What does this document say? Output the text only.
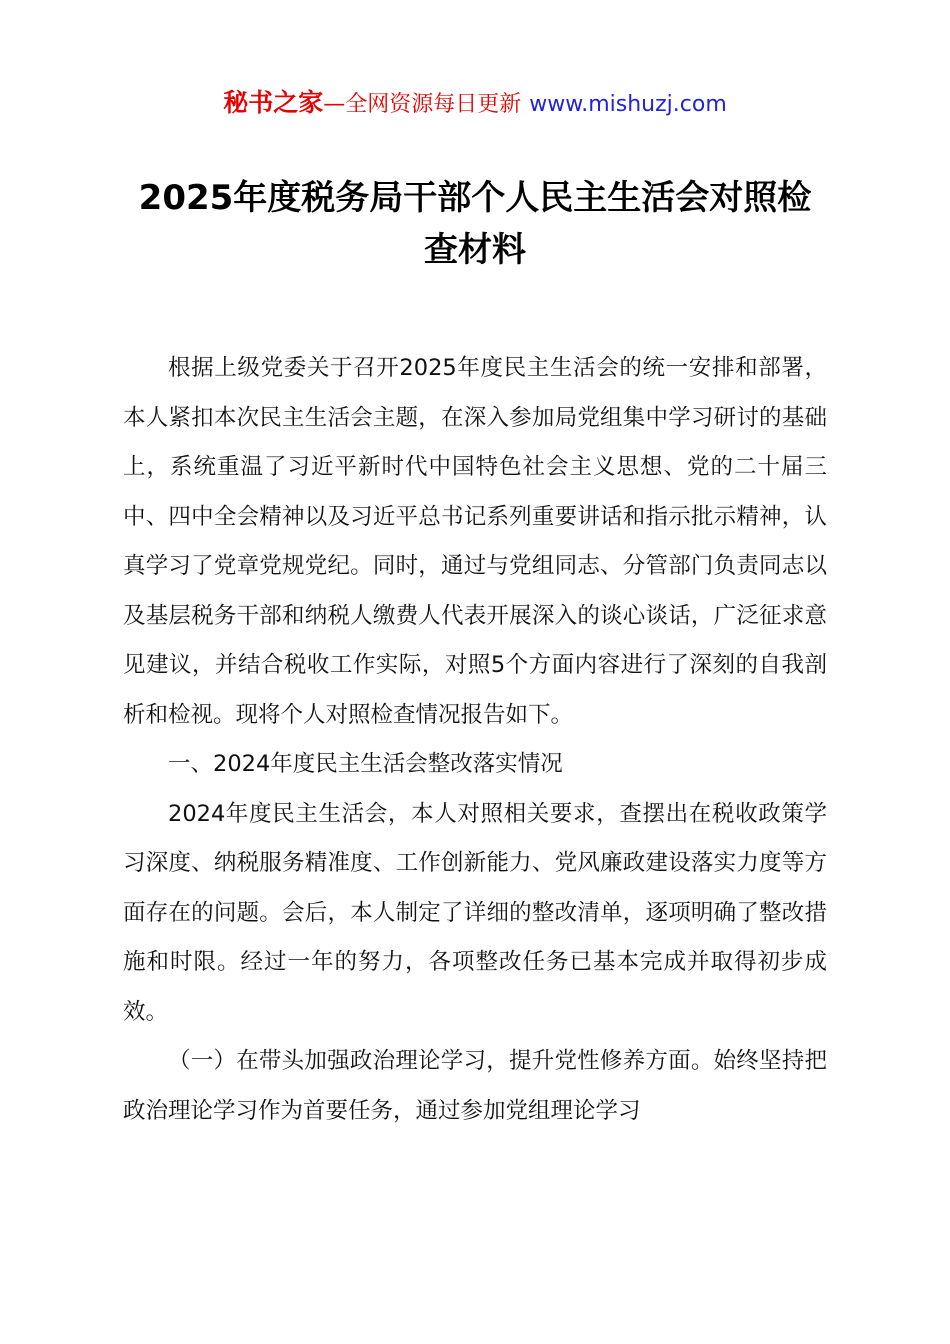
秘书之家—全网资源每日更新 www.mishuzj.com
2025年度税务局干部个人民主生活会对照检查材料

根据上级党委关于召开2025年度民主生活会的统一安排和部署，本人紧扣本次民主生活会主题，在深入参加局党组集中学习研讨的基础上，系统重温了习近平新时代中国特色社会主义思想、党的二十届三中、四中全会精神以及习近平总书记系列重要讲话和指示批示精神，认真学习了党章党规党纪。同时，通过与党组同志、分管部门负责同志以及基层税务干部和纳税人缴费人代表开展深入的谈心谈话，广泛征求意见建议，并结合税收工作实际，对照5个方面内容进行了深刻的自我剖析和检视。现将个人对照检查情况报告如下。

一、2024年度民主生活会整改落实情况

2024年度民主生活会，本人对照相关要求，查摆出在税收政策学习深度、纳税服务精准度、工作创新能力、党风廉政建设落实力度等方面存在的问题。会后，本人制定了详细的整改清单，逐项明确了整改措施和时限。经过一年的努力，各项整改任务已基本完成并取得初步成效。

（一）在带头加强政治理论学习，提升党性修养方面。始终坚持把政治理论学习作为首要任务，通过参加党组理论学习
